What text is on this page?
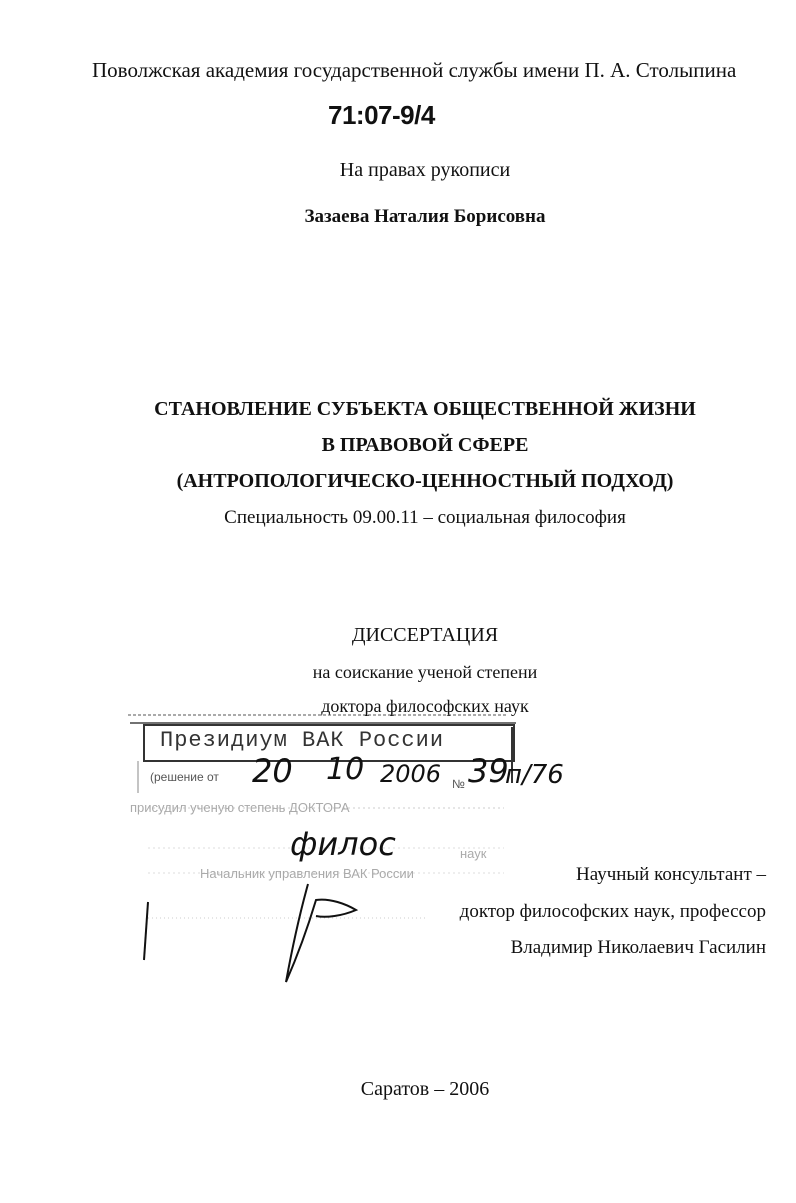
Поволжская академия государственной службы имени П. А. Столыпина
71:07-9/4
На правах рукописи
Зазаева Наталия Борисовна
СТАНОВЛЕНИЕ СУБЪЕКТА ОБЩЕСТВЕННОЙ ЖИЗНИ
В ПРАВОВОЙ СФЕРЕ
(АНТРОПОЛОГИЧЕСКО-ЦЕННОСТНЫЙ ПОДХОД)
Специальность 09.00.11 – социальная философия
ДИССЕРТАЦИЯ
на соискание ученой степени
доктора философских наук
Президиум ВАК России
(решение от 20 10 2006 № 39
п/76
присудил ученую степень ДОКТОРА
филос	наук
Начальник управления ВАК России	Научный консультант –
доктор философских наук, профессор
Владимир Николаевич Гасилин
Саратов – 2006
